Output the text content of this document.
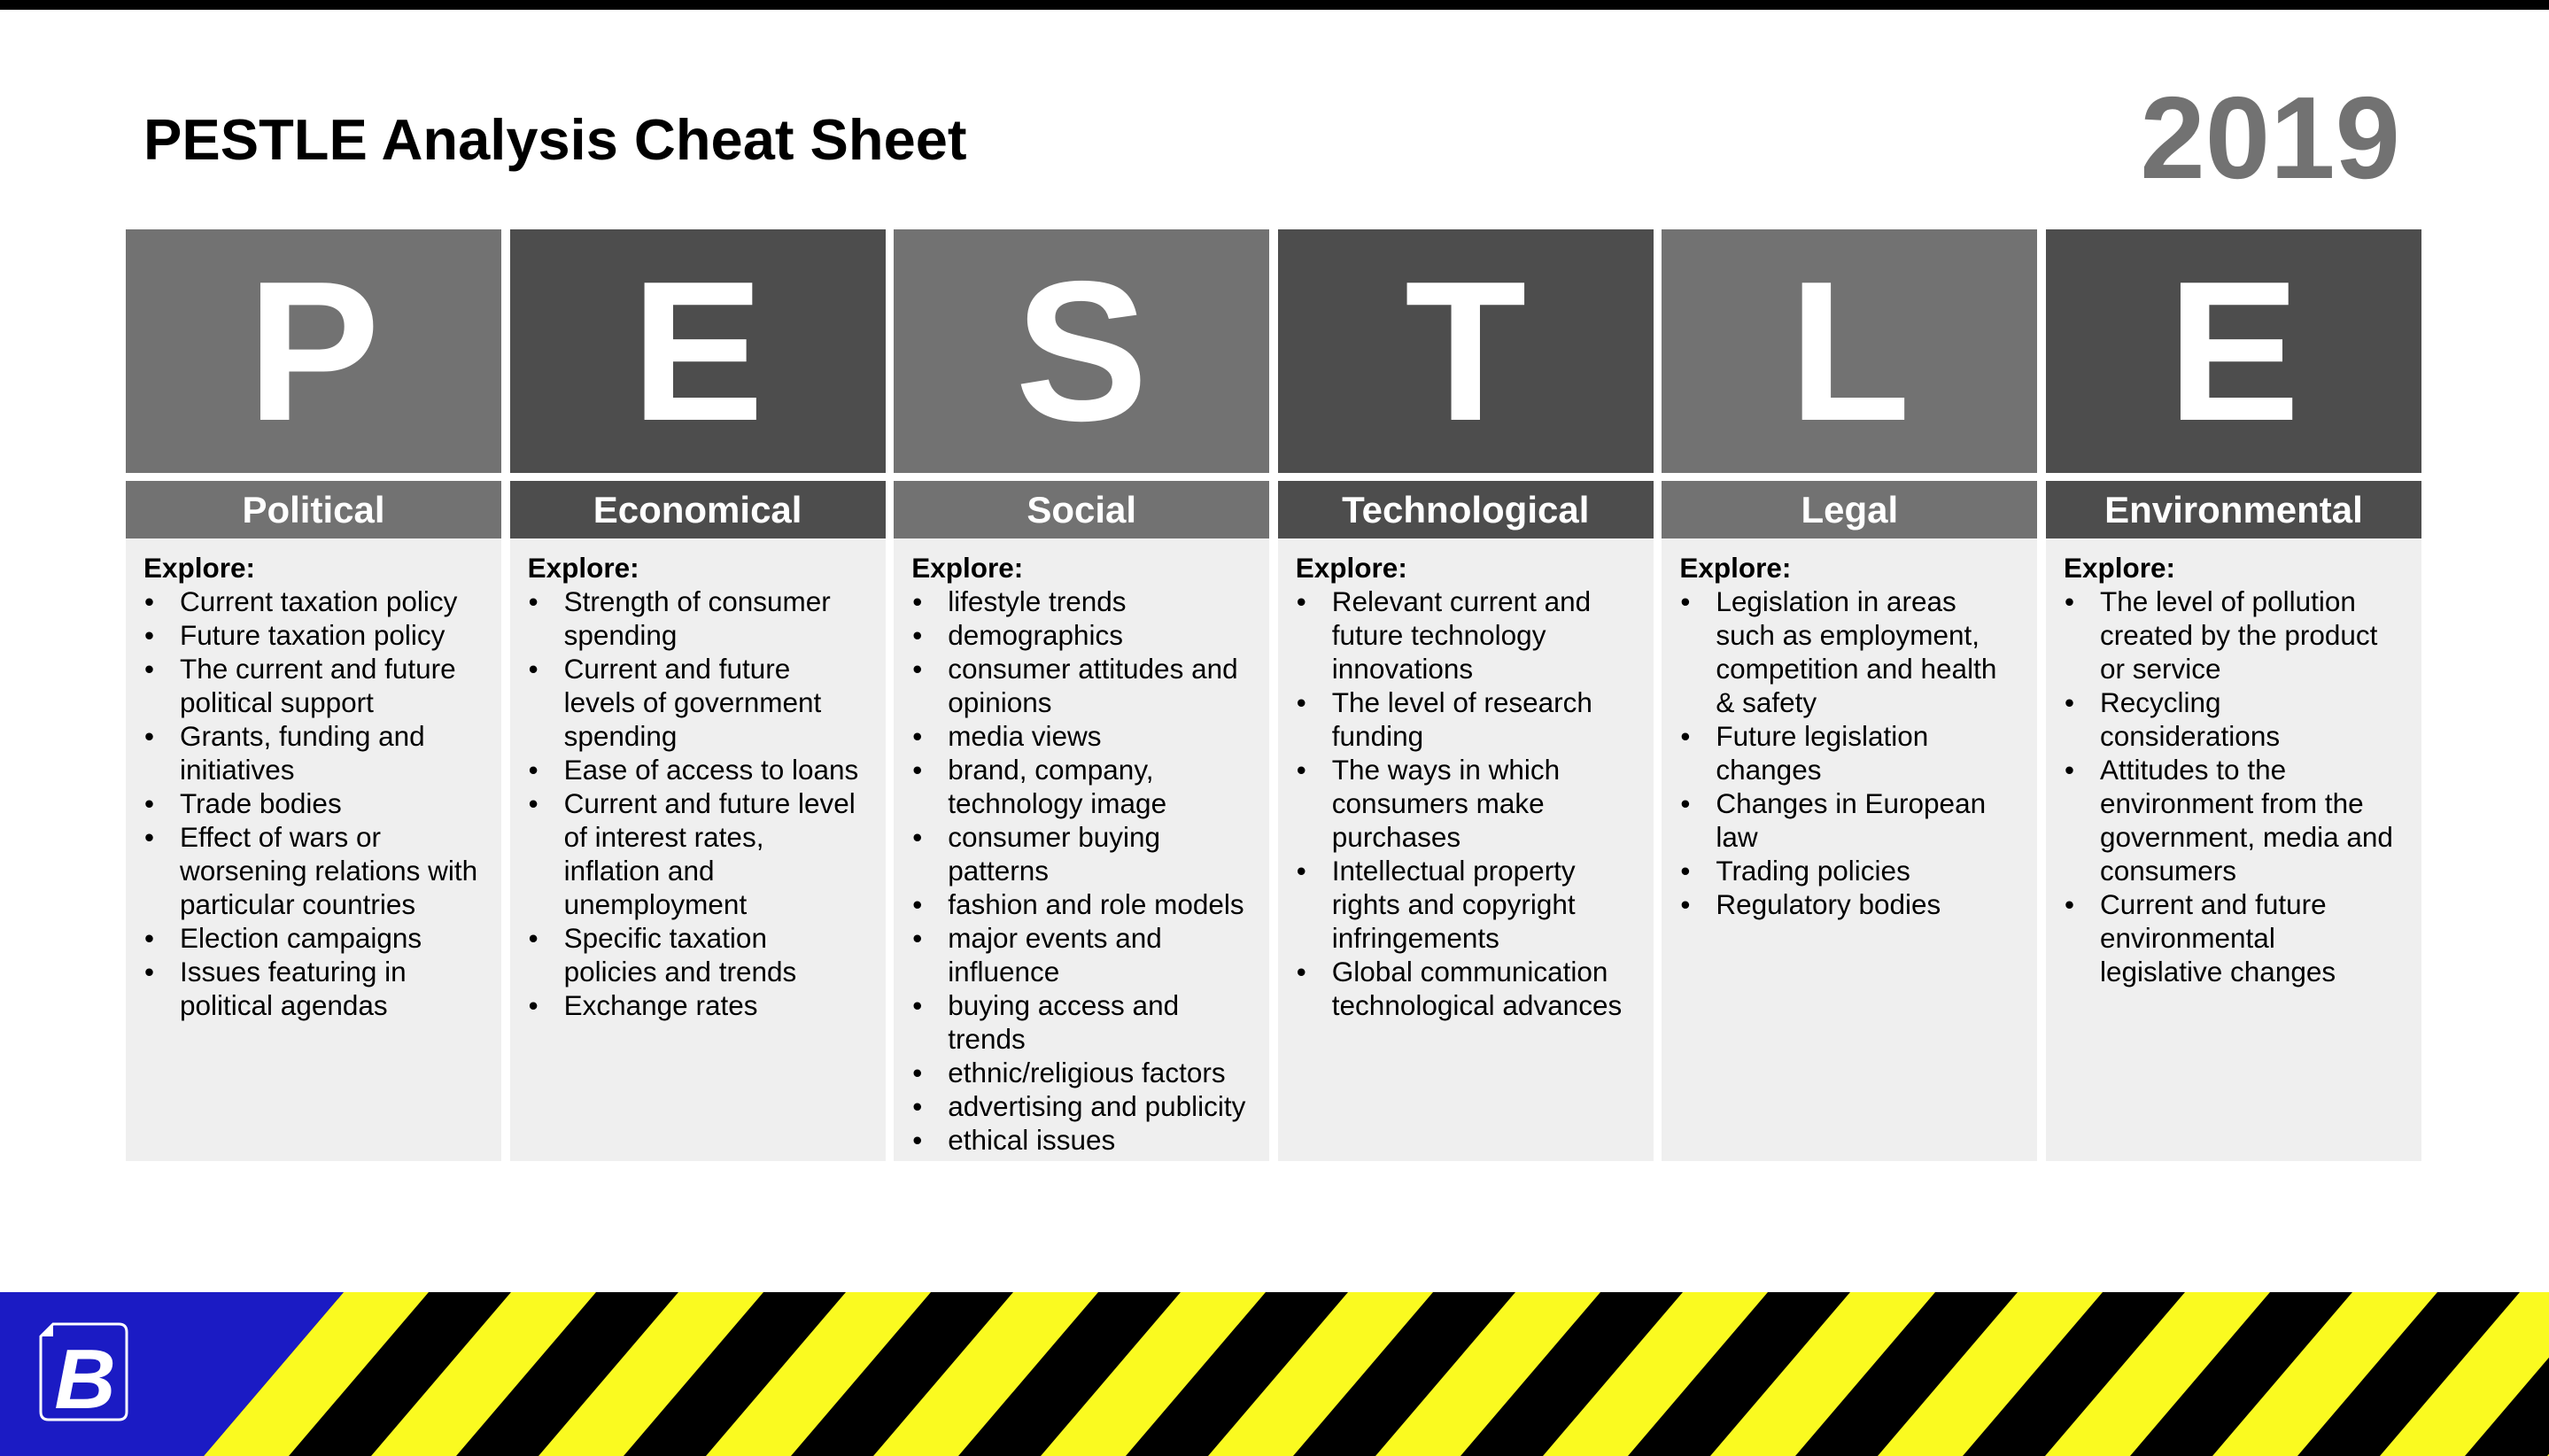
PESTLE Analysis Cheat Sheet	2019
P
Political
Explore:
• Current taxation policy
• Future taxation policy
• The current and future political support
• Grants, funding and initiatives
• Trade bodies
• Effect of wars or worsening relations with particular countries
• Election campaigns
• Issues featuring in political agendas
E
Economical
Explore:
• Strength of consumer spending
• Current and future levels of government spending
• Ease of access to loans
• Current and future level of interest rates, inflation and unemployment
• Specific taxation policies and trends
• Exchange rates
S
Social
Explore:
• lifestyle trends
• demographics
• consumer attitudes and opinions
• media views
• brand, company, technology image
• consumer buying patterns
• fashion and role models
• major events and influence
• buying access and trends
• ethnic/religious factors
• advertising and publicity
• ethical issues
T
Technological
Explore:
• Relevant current and future technology innovations
• The level of research funding
• The ways in which consumers make purchases
• Intellectual property rights and copyright infringements
• Global communication technological advances
L
Legal
Explore:
• Legislation in areas such as employment, competition and health & safety
• Future legislation changes
• Changes in European law
• Trading policies
• Regulatory bodies
E
Environmental
Explore:
• The level of pollution created by the product or service
• Recycling considerations
• Attitudes to the environment from the government, media and consumers
• Current and future environmental legislative changes
B
